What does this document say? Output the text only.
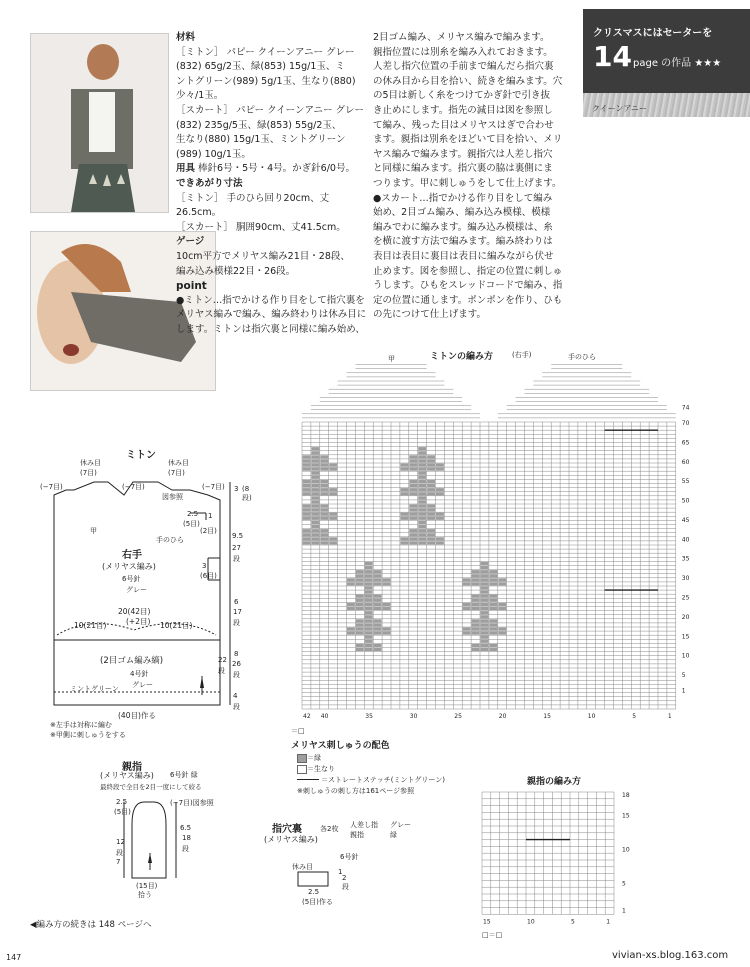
クリスマスにはセーターを
14 page の作品 ★★★
クイーンアニー

材料

［ミトン］ パピー クイーンアニー グレー

(832) 65g/2玉、緑(853) 15g/1玉、ミ

ントグリーン(989) 5g/1玉、生なり(880)

少々/1玉。

［スカート］ パピー クイーンアニー グレー

(832) 235g/5玉、緑(853) 55g/2玉、

生なり(880) 15g/1玉、ミントグリーン

(989) 10g/1玉。

用具 棒針6号・5号・4号。かぎ針6/0号。

できあがり寸法

［ミトン］ 手のひら回り20cm、丈26.5cm。

［スカート］ 胴囲90cm、丈41.5cm。

ゲージ

10cm平方でメリヤス編み21目・28段、

編み込み模様22目・26段。

point

●ミトン…指でかける作り目をして指穴裏を

メリヤス編みで編み、編み終わりは休み目に

します。ミトンは指穴裏と同様に編み始め、

2目ゴム編み、メリヤス編みで編みます。

親指位置には別糸を編み入れておきます。

人差し指穴位置の手前まで編んだら指穴裏

の休み目から目を拾い、続きを編みます。穴

の5目は新しく糸をつけてかぎ針で引き抜

き止めにします。指先の減目は図を参照し

て編み、残った目はメリヤスはぎで合わせ

ます。親指は別糸をほどいて目を拾い、メリ

ヤス編みで編みます。親指穴は人差し指穴

と同様に編みます。指穴裏の脇は裏側にま

つります。甲に刺しゅうをして仕上げます。

●スカート…指でかける作り目をして編み

始め、2目ゴム編み、編み込み模様、模様

編みでわに編みます。編み込み模様は、糸

を横に渡す方法で編みます。編み終わりは

表目は表目に裏目は表目に編みながら伏せ

止めます。図を参照し、指定の位置に刺しゅ

うします。ひもをスレッドコードで編み、指

定の位置に通します。ポンポンを作り、ひも

の先につけて仕上げます。

ミトン
休み目 (7目)
休み目 (7目)
(−7目)	(−7目)	(−7目)
図参照
3 (8段)
2.5
(5目)
1
(2目)
甲
手のひら	9.5
27
段
右手
(メリヤス編み)
6号針
グレー
3
(6目)
6
17
段
20(42目)
10(21目)	(+2目) 10(21目)
8
22
段
26
段
(2目ゴム編み縞)
4号針
グレー
ミントグリーン
4
段
(40目)作る
※左手は対称に編む
※甲側に刺しゅうをする
親指
(メリヤス編み) 6号針 緑
最終段で全目を2目一度にして絞る
2.5
(5目)
(−7目)図参照
6.5
18
段
12
段
7
(15目)
拾う
指穴裏
(メリヤス編み)
各2枚 人差し指
親指
グレー
緑
6号針
休み目
1
2
段
2.5
(5目)作る
ミトンの編み方	(右手)
甲	手のひら
42 40	35	30	25	20	15	10	5	1
74
70
65
60
55
50
45
40
35
30
25
20
15
10
5
1
＝□
メリヤス刺しゅうの配色
＝緑
＝生なり
＝ストレートステッチ(ミントグリーン)
※刺しゅうの刺し方は161ページ参照
親指の編み方
15	10	5	1
18
15
10
5
1
□＝□
◀編み方の続きは 148 ページへ
147	vivian-xs.blog.163.com
